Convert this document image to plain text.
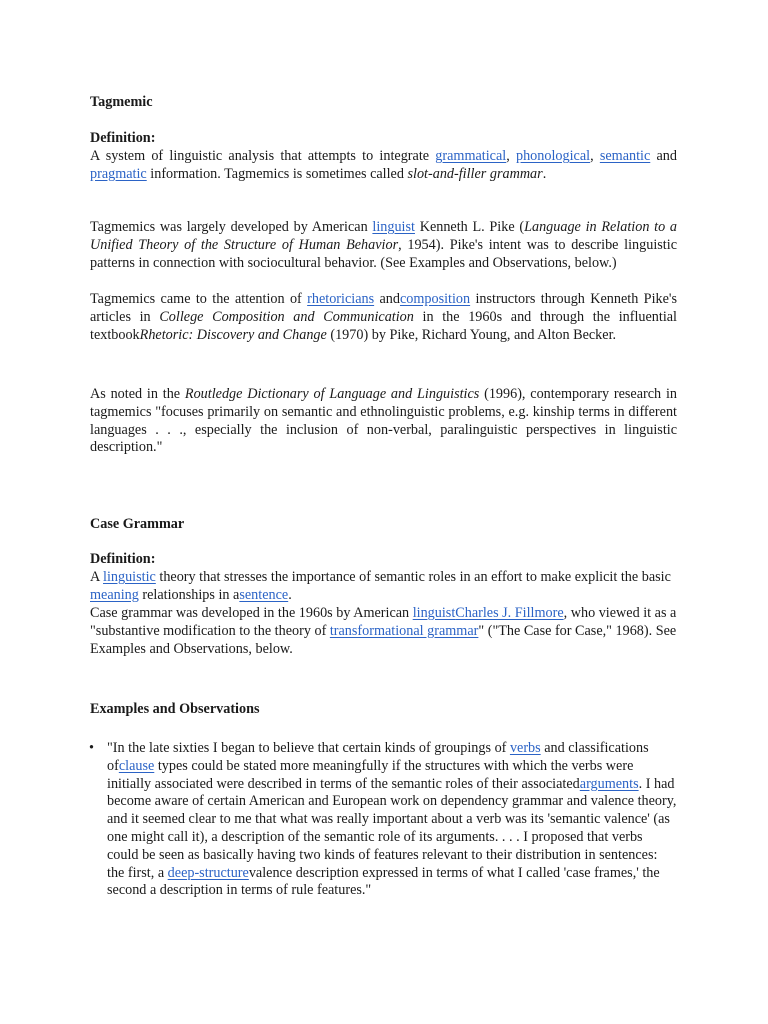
Tagmemic
Definition:

A system of linguistic analysis that attempts to integrate grammatical, phonological, semantic and pragmatic information. Tagmemics is sometimes called slot-and-filler grammar.

Tagmemics was largely developed by American linguist Kenneth L. Pike (Language in Relation to a Unified Theory of the Structure of Human Behavior, 1954). Pike's intent was to describe linguistic patterns in connection with sociocultural behavior. (See Examples and Observations, below.)

Tagmemics came to the attention of rhetoricians andcomposition instructors through Kenneth Pike's articles in College Composition and Communication in the 1960s and through the influential textbookRhetoric: Discovery and Change (1970) by Pike, Richard Young, and Alton Becker.

As noted in the Routledge Dictionary of Language and Linguistics (1996), contemporary research in tagmemics "focuses primarily on semantic and ethnolinguistic problems, e.g. kinship terms in different languages . . ., especially the inclusion of non-verbal, paralinguistic perspectives in linguistic description."

Case Grammar
Definition:

A linguistic theory that stresses the importance of semantic roles in an effort to make explicit the basic meaning relationships in asentence.

Case grammar was developed in the 1960s by American linguistCharles J. Fillmore, who viewed it as a "substantive modification to the theory of transformational grammar" ("The Case for Case," 1968). See Examples and Observations, below.

Examples and Observations
• "In the late sixties I began to believe that certain kinds of groupings of verbs and classifications ofclause types could be stated more meaningfully if the structures with which the verbs were initially associated were described in terms of the semantic roles of their associatedarguments. I had become aware of certain American and European work on dependency grammar and valence theory, and it seemed clear to me that what was really important about a verb was its 'semantic valence' (as one might call it), a description of the semantic role of its arguments. . . . I proposed that verbs could be seen as basically having two kinds of features relevant to their distribution in sentences: the first, a deep-structurevalence description expressed in terms of what I called 'case frames,' the second a description in terms of rule features."
